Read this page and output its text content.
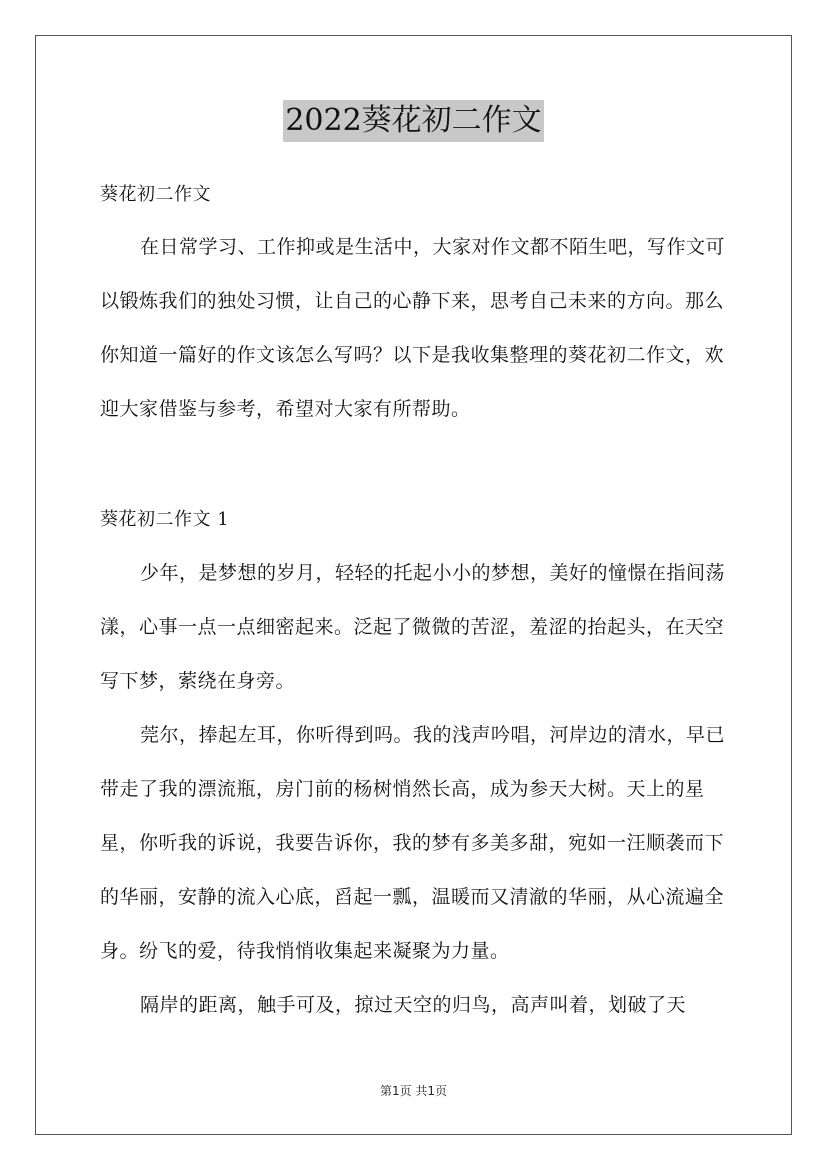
2022葵花初二作文
葵花初二作文

在日常学习、工作抑或是生活中，大家对作文都不陌生吧，写作文可以锻炼我们的独处习惯，让自己的心静下来，思考自己未来的方向。那么你知道一篇好的作文该怎么写吗？以下是我收集整理的葵花初二作文，欢迎大家借鉴与参考，希望对大家有所帮助。

葵花初二作文 1

少年，是梦想的岁月，轻轻的托起小小的梦想，美好的憧憬在指间荡漾，心事一点一点细密起来。泛起了微微的苦涩，羞涩的抬起头，在天空写下梦，萦绕在身旁。

莞尔，捧起左耳，你听得到吗。我的浅声吟唱，河岸边的清水，早已带走了我的漂流瓶，房门前的杨树悄然长高，成为参天大树。天上的星星，你听我的诉说，我要告诉你，我的梦有多美多甜，宛如一汪顺袭而下的华丽，安静的流入心底，舀起一瓢，温暖而又清澈的华丽，从心流遍全身。纷飞的爱，待我悄悄收集起来凝聚为力量。

隔岸的距离，触手可及，掠过天空的归鸟，高声叫着，划破了天

第1页 共1页
